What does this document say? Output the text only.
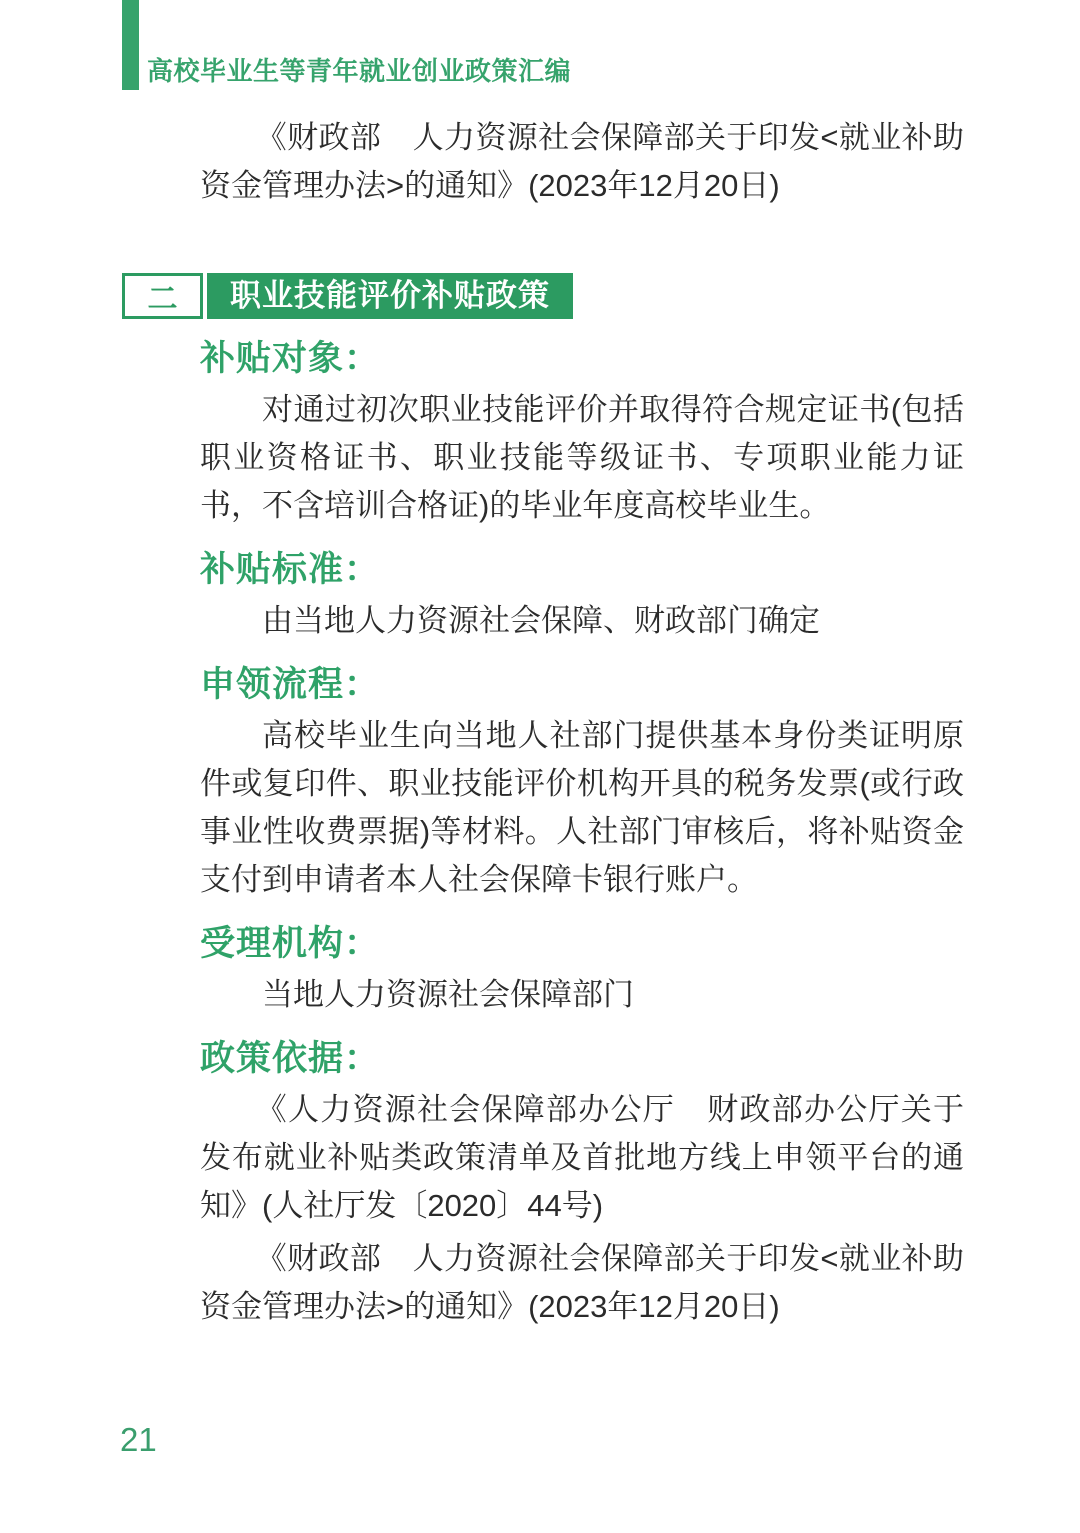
高校毕业生等青年就业创业政策汇编

《财政部　人力资源社会保障部关于印发<就业补助资金管理办法>的通知》(2023年12月20日)

二	职业技能评价补贴政策
补贴对象：

对通过初次职业技能评价并取得符合规定证书(包括职业资格证书、职业技能等级证书、专项职业能力证书，不含培训合格证)的毕业年度高校毕业生。

补贴标准：

由当地人力资源社会保障、财政部门确定

申领流程：

高校毕业生向当地人社部门提供基本身份类证明原件或复印件、职业技能评价机构开具的税务发票(或行政事业性收费票据)等材料。人社部门审核后，将补贴资金支付到申请者本人社会保障卡银行账户。

受理机构：

当地人力资源社会保障部门

政策依据：

《人力资源社会保障部办公厅　财政部办公厅关于发布就业补贴类政策清单及首批地方线上申领平台的通知》(人社厅发〔2020〕44号)

《财政部　人力资源社会保障部关于印发<就业补助资金管理办法>的通知》(2023年12月20日)

21
